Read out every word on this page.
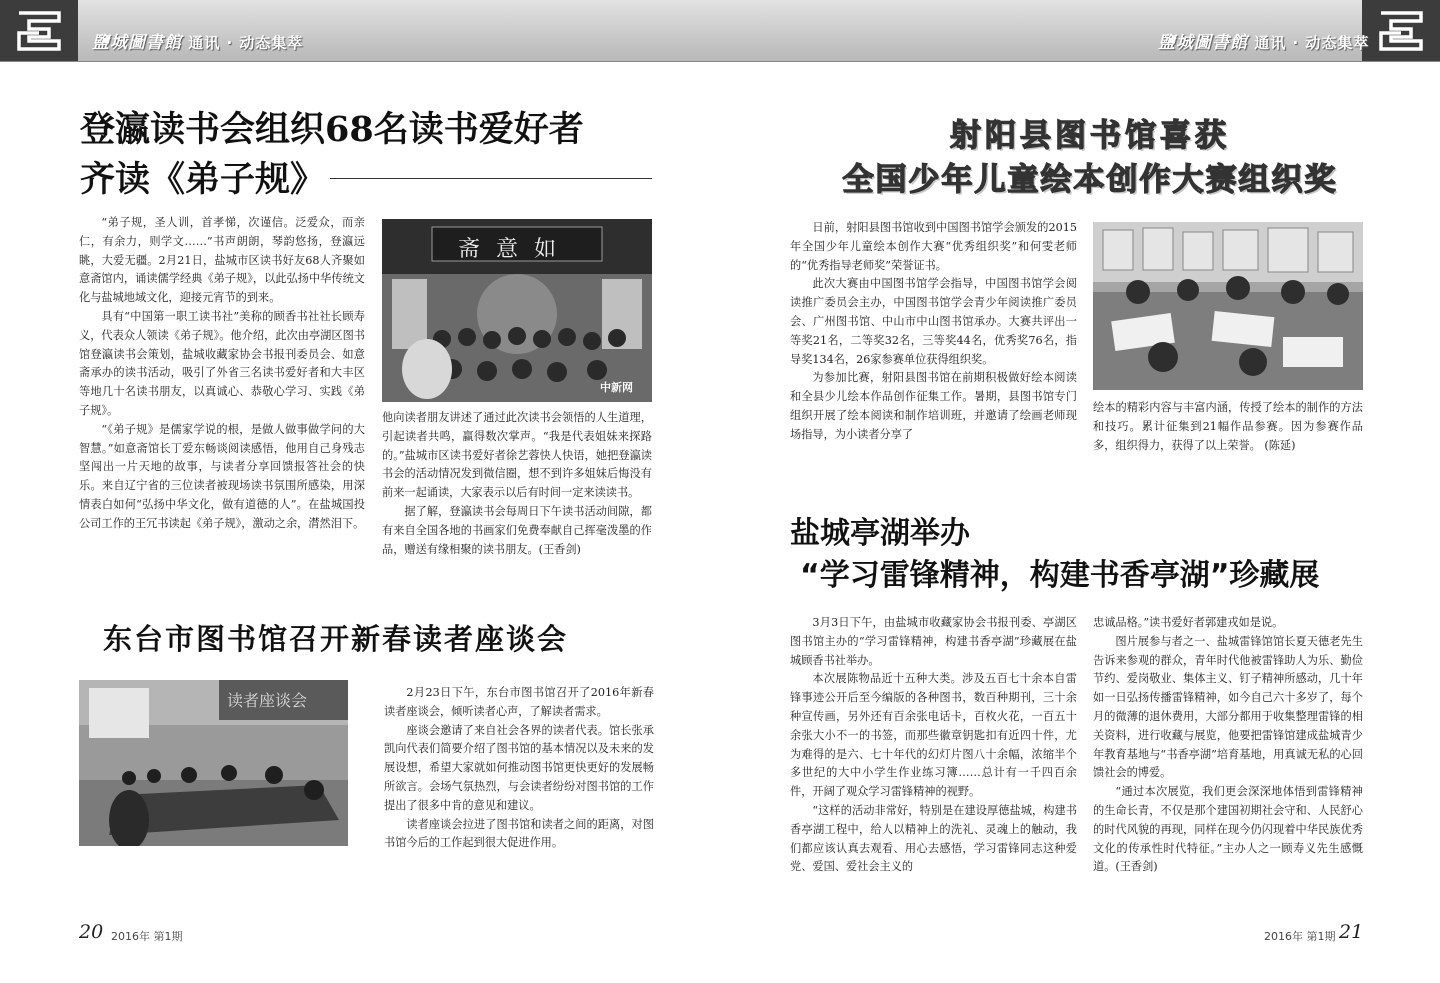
鹽城圖書館 通讯 · 动态集萃	鹽城圖書館 通讯 · 动态集萃
登瀛读书会组织68名读书爱好者
齐读《弟子规》

“弟子规，圣人训，首孝悌，次谨信。泛爱众，而亲仁，有余力，则学文……”书声朗朗，琴韵悠扬，登瀛远眺，大爱无疆。2月21日，盐城市区读书好友68人齐聚如意斋馆内，诵读儒学经典《弟子规》，以此弘扬中华传统文化与盐城地域文化，迎接元宵节的到来。

具有“中国第一职工读书社”美称的顾香书社社长顾寿义，代表众人领读《弟子规》。他介绍，此次由亭湖区图书馆登瀛读书会策划，盐城收藏家协会书报刊委员会、如意斋承办的读书活动，吸引了外省三名读书爱好者和大丰区等地几十名读书朋友，以真诚心、恭敬心学习、实践《弟子规》。

“《弟子规》是儒家学说的根，是做人做事做学问的大智慧。”如意斋馆长丁爱东畅谈阅读感悟，他用自己身残志坚闯出一片天地的故事，与读者分享回馈报答社会的快乐。来自辽宁省的三位读者被现场读书氛围所感染，用深情表白如何“弘扬中华文化，做有道德的人”。在盐城国投公司工作的王冗书读起《弟子规》，激动之余，潸然泪下。

斋意如
中新网

他向读者朋友讲述了通过此次读书会领悟的人生道理，引起读者共鸣，赢得数次掌声。“我是代表姐妹来探路的。”盐城市区读书爱好者徐艺蓉快人快语，她把登瀛读书会的活动情况发到微信圈，想不到许多姐妹后悔没有前来一起诵读，大家表示以后有时间一定来读读书。

据了解，登瀛读书会每周日下午读书活动间隙，都有来自全国各地的书画家们免费奉献自己挥毫泼墨的作品，赠送有缘相聚的读书朋友。(王香剑)

东台市图书馆召开新春读者座谈会
读者座谈会	2月23日下午，东台市图书馆召开了2016年新春读者座谈会，倾听读者心声，了解读者需求。

座谈会邀请了来自社会各界的读者代表。馆长张承凯向代表们简要介绍了图书馆的基本情况以及未来的发展设想，希望大家就如何推动图书馆更快更好的发展畅所欲言。会场气氛热烈，与会读者纷纷对图书馆的工作提出了很多中肯的意见和建议。

读者座谈会拉进了图书馆和读者之间的距离，对图书馆今后的工作起到很大促进作用。

射阳县图书馆喜获
全国少年儿童绘本创作大赛组织奖

日前，射阳县图书馆收到中国图书馆学会颁发的2015年全国少年儿童绘本创作大赛“优秀组织奖”和何雯老师的“优秀指导老师奖”荣誉证书。

此次大赛由中国图书馆学会指导，中国图书馆学会阅读推广委员会主办，中国图书馆学会青少年阅读推广委员会、广州图书馆、中山市中山图书馆承办。大赛共评出一等奖21名，二等奖32名，三等奖44名，优秀奖76名，指导奖134名，26家参赛单位获得组织奖。

为参加比赛，射阳县图书馆在前期积极做好绘本阅读和全县少儿绘本作品创作征集工作。暑期，县图书馆专门组织开展了绘本阅读和制作培训班，并邀请了绘画老师现场指导，为小读者分享了

绘本的精彩内容与丰富内涵，传授了绘本的制作的方法和技巧。累计征集到21幅作品参赛。因为参赛作品多，组织得力，获得了以上荣誉。 (陈延)

盐城亭湖举办
“学习雷锋精神，构建书香亭湖”珍藏展

3月3日下午，由盐城市收藏家协会书报刊委、亭湖区图书馆主办的“学习雷锋精神，构建书香亭湖”珍藏展在盐城顾香书社举办。

本次展陈物品近十五种大类。涉及五百七十余本自雷锋事迹公开后至今编版的各种图书，数百种期刊，三十余种宣传画，另外还有百余张电话卡，百枚火花，一百五十余张大小不一的书签，而那些徽章钥匙扣有近四十件，尤为难得的是六、七十年代的幻灯片图八十余幅，浓缩半个多世纪的大中小学生作业练习簿……总计有一千四百余件，开阔了观众学习雷锋精神的视野。

“这样的活动非常好，特别是在建设厚德盐城，构建书香亭湖工程中，给人以精神上的洗礼、灵魂上的触动，我们都应该认真去观看、用心去感悟，学习雷锋同志这种爱党、爱国、爱社会主义的

忠诚品格。”读书爱好者郭建戎如是说。

图片展参与者之一、盐城雷锋馆馆长夏天德老先生告诉来参观的群众，青年时代他被雷锋助人为乐、勤俭节约、爱岗敬业、集体主义、钉子精神所感动，几十年如一日弘扬传播雷锋精神，如今自己六十多岁了，每个月的微薄的退休费用，大部分都用于收集整理雷锋的相关资料，进行收藏与展览，他要把雷锋馆建成盐城青少年教育基地与“书香亭湖”培育基地，用真诚无私的心回馈社会的博爱。

“通过本次展览，我们更会深深地体悟到雷锋精神的生命长青，不仅是那个建国初期社会守和、人民舒心的时代风貌的再现，同样在现今仍闪现着中华民族优秀文化的传承性时代特征。”主办人之一顾寿义先生感慨道。(王香剑)

20 2016年 第1期	2016年 第1期 21
